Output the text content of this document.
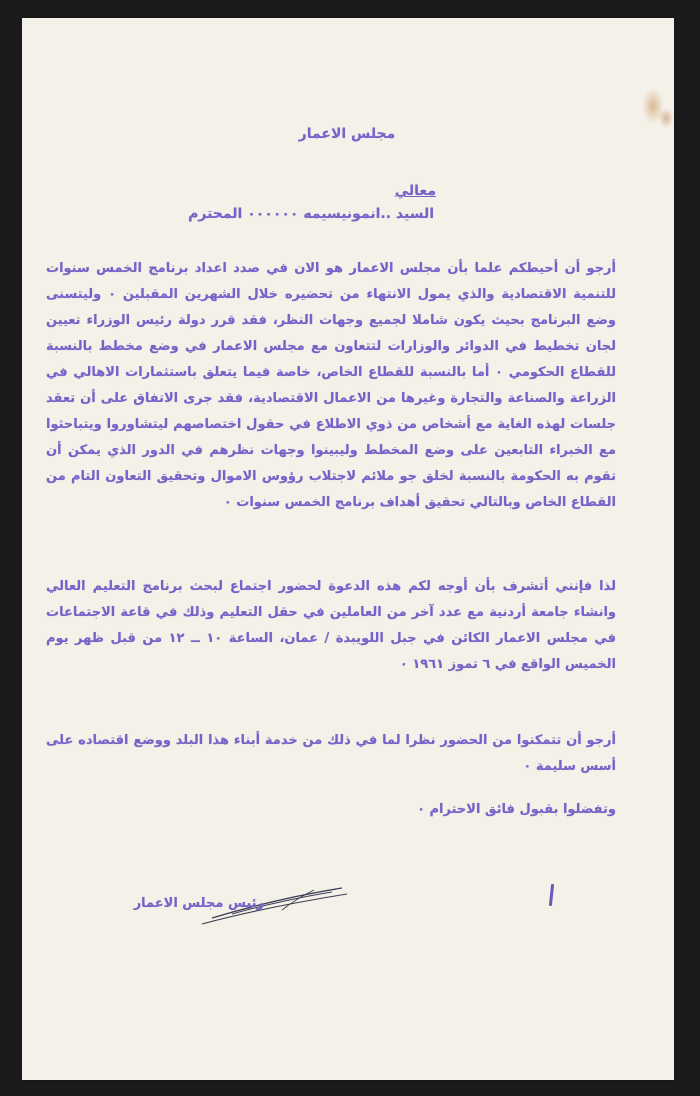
مجلس الاعمار
معالي
السيد ..انمونيسيمه ٠٠٠٠٠٠ المحترم
أرجو أن أحيطكم علما بأن مجلس الاعمار هو الان في صدد اعداد برنامج الخمس سنوات للتنمية الاقتصادية والذي يمول الانتهاء من تحضيره خلال الشهرين المقبلين ٠ وليتسنى وضع البرنامج بحيث يكون شاملا لجميع وجهات النظر، فقد قرر دولة رئيس الوزراء تعيين لجان تخطيط في الدوائر والوزارات لتتعاون مع مجلس الاعمار في وضع مخطط بالنسبة للقطاع الحكومي ٠ أما بالنسبة للقطاع الخاص، خاصة فيما يتعلق باستثمارات الاهالي في الزراعة والصناعة والتجارة وغيرها من الاعمال الاقتصادية، فقد جرى الاتفاق على أن تعقد جلسات لهذه الغاية مع أشخاص من ذوي الاطلاع في حقول اختصاصهم ليتشاوروا ويتباحثوا مع الخبراء التابعين على وضع المخطط وليبينوا وجهات نظرهم في الدور الذي يمكن أن تقوم به الحكومة بالنسبة لخلق جو ملائم لاجتلاب رؤوس الاموال وتحقيق التعاون التام من القطاع الخاص وبالتالي تحقيق أهداف برنامج الخمس سنوات ٠
لذا فإنني أتشرف بأن أوجه لكم هذه الدعوة لحضور اجتماع لبحث برنامج التعليم العالي وانشاء جامعة أردنية مع عدد آخر من العاملين في حقل التعليم وذلك في قاعة الاجتماعات في مجلس الاعمار الكائن في جبل اللويبدة / عمان، الساعة ١٠ ــ ١٢ من قبل ظهر يوم الخميس الواقع في ٦ تموز ١٩٦١ ٠
أرجو أن تتمكنوا من الحضور نظرا لما في ذلك من خدمة أبناء هذا البلد ووضع اقتصاده على أسس سليمة ٠
وتفضلوا بقبول فائق الاحترام ٠
رئيس مجلس الاعمار
